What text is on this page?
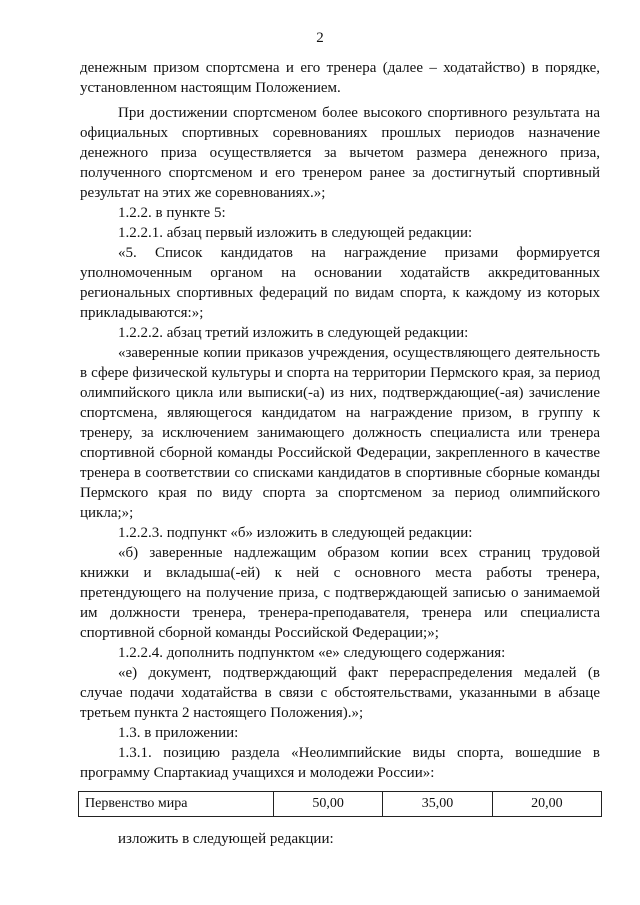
2

денежным призом спортсмена и его тренера (далее – ходатайство) в порядке, установленном настоящим Положением.

При достижении спортсменом более высокого спортивного результата на официальных спортивных соревнованиях прошлых периодов назначение денежного приза осуществляется за вычетом размера денежного приза, полученного спортсменом и его тренером ранее за достигнутый спортивный результат на этих же соревнованиях.»;

1.2.2. в пункте 5:

1.2.2.1. абзац первый изложить в следующей редакции:

«5. Список кандидатов на награждение призами формируется уполномоченным органом на основании ходатайств аккредитованных региональных спортивных федераций по видам спорта, к каждому из которых прикладываются:»;

1.2.2.2. абзац третий изложить в следующей редакции:

«заверенные копии приказов учреждения, осуществляющего деятельность в сфере физической культуры и спорта на территории Пермского края, за период олимпийского цикла или выписки(-а) из них, подтверждающие(-ая) зачисление спортсмена, являющегося кандидатом на награждение призом, в группу к тренеру, за исключением занимающего должность специалиста или тренера спортивной сборной команды Российской Федерации, закрепленного в качестве тренера в соответствии со списками кандидатов в спортивные сборные команды Пермского края по виду спорта за спортсменом за период олимпийского цикла;»;

1.2.2.3. подпункт «б» изложить в следующей редакции:

«б) заверенные надлежащим образом копии всех страниц трудовой книжки и вкладыша(-ей) к ней с основного места работы тренера, претендующего на получение приза, с подтверждающей записью о занимаемой им должности тренера, тренера-преподавателя, тренера или специалиста спортивной сборной команды Российской Федерации;»;

1.2.2.4. дополнить подпунктом «е» следующего содержания:

«е) документ, подтверждающий факт перераспределения медалей (в случае подачи ходатайства в связи с обстоятельствами, указанными в абзаце третьем пункта 2 настоящего Положения).»;

1.3. в приложении:

1.3.1. позицию раздела «Неолимпийские виды спорта, вошедшие в программу Спартакиад учащихся и молодежи России»:

Первенство мира	50,00	35,00	20,00

изложить в следующей редакции:
